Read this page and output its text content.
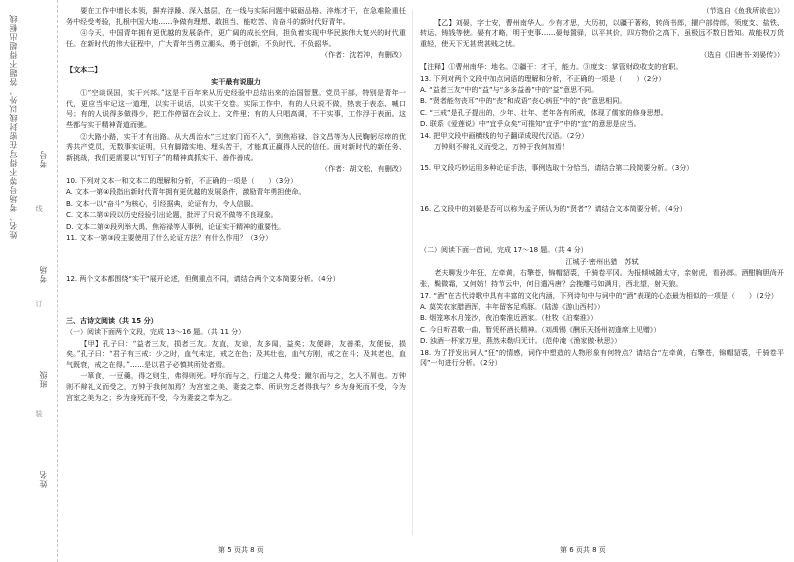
姓名、考场号等不得写在密封线以外，答题不得超出框线	考号
考场
班级
姓名
线
订
装

要在工作中增长本领，摒弃浮躁、深入基层，在一线与实际问题中砥砺品格、淬炼才干，在急难险重任务中经受考验，扎根中国大地……争做有理想、敢担当、能吃苦、肯奋斗的新时代好青年。

④今天，中国青年拥有更优越的发展条件，更广阔的成长空间，担负着实现中华民族伟大复兴的时代重任。在新时代的伟大征程中，广大青年当勇立潮头、勇于创新，不负时代、不负韶华。

（作者：沈若冲，有删改）

【文本二】

实干最有说服力

①“空谈误国，实干兴邦。”这是千百年来从历史经验中总结出来的治国智慧。党员干部，特别是青年一代，更应当牢记这一道理，以实干说话，以实干交卷。实际工作中，有的人只说不做，热衷于表态、喊口号；有的人说得多做得少，把工作停留在会议上、文件里；有的人只唱高调，不干实事，工作浮于表面。这些都与实干精神背道而驰。

②大路小路，实干才有出路。从大禹治水“三过家门而不入”，到焦裕禄、谷文昌等为人民鞠躬尽瘁的优秀共产党员，无数事实证明，只有脚踏实地、埋头苦干，才能真正赢得人民的信任。面对新时代的新任务、新挑战，我们更需要以“钉钉子”的精神真抓实干、善作善成。

（作者：胡文松，有删改）

10. 下列对文本一和文本二的理解和分析，不正确的一项是（　　）（3分）

A. 文本一第④段指出新时代青年拥有更优越的发展条件，激励青年勇担使命。

B. 文本一以“奋斗”为核心，引经据典，论证有力，令人信服。

C. 文本二第①段以历史经验引出论题，批评了只说不做等不良现象。

D. 文本二第②段列举大禹、焦裕禄等人事例，论证实干精神的重要性。

11. 文本一第③段主要使用了什么论证方法？有什么作用？（3分）

12. 两个文本都围绕“实干”展开论述，但侧重点不同，请结合两个文本简要分析。（4分）

三、古诗文阅读（共 15 分）

（一）阅读下面两个文段，完成 13～16 题。（共 11 分）

【甲】孔子曰：“益者三友，损者三友。友直，友谅，友多闻，益矣；友便辟，友善柔，友便佞，损矣。”孔子曰：“君子有三戒：少之时，血气未定，戒之在色；及其壮也，血气方刚，戒之在斗；及其老也，血气既衰，戒之在得。”……是以君子必慎其所处者焉。

一箪食，一豆羹，得之则生，弗得则死。呼尔而与之，行道之人弗受；蹴尔而与之，乞人不屑也。万钟则不辩礼义而受之，万钟于我何加焉？为宫室之美、妻妾之奉、所识穷乏者得我与？乡为身死而不受，今为宫室之美为之；乡为身死而不受，今为妻妾之奉为之。

（节选自《鱼我所欲也》）

【乙】刘晏，字士安，曹州南华人。少有才思，大历初，以疆干著称，转尚书郎，擢户部侍郎，领度支、盐铁、转运、铸钱等使。晏有才略，明于吏事……晏每置驿，以平其价，四方物价之高下，虽极远不数日皆知。故能权万货重轻，使天下无甚贵甚贱之忧。

（选自《旧唐书·刘晏传》）

【注释】①曹州南华：地名。②疆干：才干，能力。③度支：掌管财政收支的官职。

13. 下列对两个文段中加点词语的理解和分析，不正确的一项是（　　）（2分）

A. “益者三友”中的“益”与“多多益善”中的“益”意思不同。

B. “贤者能勿丧耳”中的“丧”和成语“丧心病狂”中的“丧”意思相同。

C. “三戒”是孔子提出的，少年、壮年、老年各有所戒，体现了儒家的修身思想。

D. 联系《爱莲说》中“宜乎众矣”可推知“宜乎”中的“宜”的意思是应当。

14. 把甲文段中画横线的句子翻译成现代汉语。（2分）

万钟则不辩礼义而受之，万钟于我何加焉！

15. 甲文段巧妙运用多种论证手法，事例选取十分恰当，请结合第二段简要分析。（3分）

16. 乙文段中的刘晏是否可以称为孟子所认为的“贤者”？请结合文本简要分析。（4分）

（二）阅读下面一首词，完成 17～18 题。（共 4 分）

江城子·密州出猎　苏轼

老夫聊发少年狂，左牵黄，右擎苍，锦帽貂裘，千骑卷平冈。为报倾城随太守，亲射虎，看孙郎。酒酣胸胆尚开张，鬓微霜，又何妨！持节云中，何日遣冯唐？会挽雕弓如满月，西北望，射天狼。

17. “酒”在古代诗歌中具有丰富的文化内涵，下列诗句中与词中的“酒”表现的心态最为相似的一项是（　　）（2分）

A. 莫笑农家腊酒浑，丰年留客足鸡豚。（陆游《游山西村》）

B. 烟笼寒水月笼沙，夜泊秦淮近酒家。（杜牧《泊秦淮》）

C. 今日听君歌一曲，暂凭杯酒长精神。（刘禹锡《酬乐天扬州初逢席上见赠》）

D. 浊酒一杯家万里，燕然未勒归无计。（范仲淹《渔家傲·秋思》）

18. 为了抒发出词人“狂”的情感，词作中塑造的人物形象有何特点？请结合“左牵黄，右擎苍，锦帽貂裘，千骑卷平冈”一句进行分析。（2分）

第 5 页共 8 页	第 6 页共 8 页
